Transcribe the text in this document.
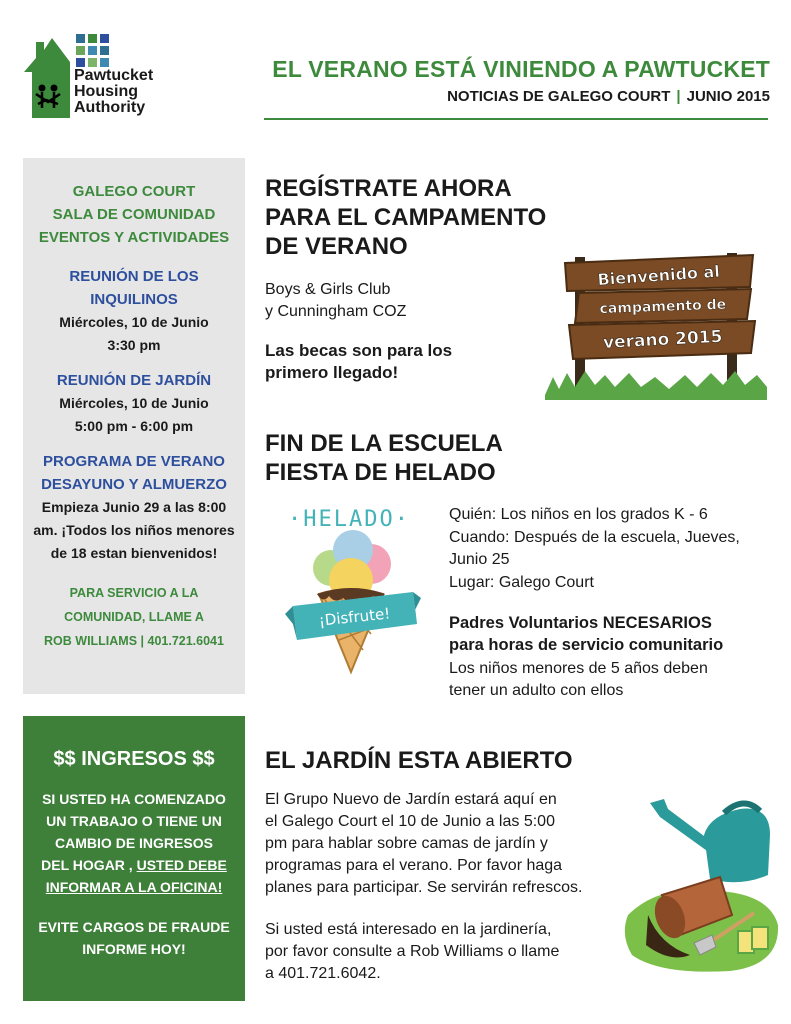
Pawtucket
Housing
Authority
EL VERANO ESTÁ VINIENDO A PAWTUCKET
NOTICIAS DE GALEGO COURT | JUNIO 2015
GALEGO COURT
SALA DE COMUNIDAD
EVENTOS Y ACTIVIDADES
REUNIÓN DE LOS
INQUILINOS
Miércoles, 10 de Junio
3:30 pm
REUNIÓN DE JARDÍN
Miércoles, 10 de Junio
5:00 pm - 6:00 pm
PROGRAMA DE VERANO
DESAYUNO Y ALMUERZO
Empieza Junio 29 a las 8:00
am. ¡Todos los niños menores
de 18 estan bienvenidos!
PARA SERVICIO A LA
COMUNIDAD, LLAME A
ROB WILLIAMS | 401.721.6041
$$ INGRESOS $$
SI USTED HA COMENZADO
UN TRABAJO O TIENE UN
CAMBIO DE INGRESOS
DEL HOGAR , USTED DEBE
INFORMAR A LA OFICINA!
EVITE CARGOS DE FRAUDE
INFORME HOY!
REGÍSTRATE AHORA
PARA EL CAMPAMENTO
DE VERANO
Boys & Girls Club
y Cunningham COZ
Las becas son para los
primero llegado!
Bienvenido al
campamento de
verano 2015
FIN DE LA ESCUELA
FIESTA DE HELADO
¡Disfrute!
·HELADO· Quién: Los niños en los grados K - 6
Cuando: Después de la escuela, Jueves,
Junio 25
Lugar: Galego Court
Padres Voluntarios NECESARIOS
para horas de servicio comunitario
Los niños menores de 5 años deben
tener un adulto con ellos
EL JARDÍN ESTA ABIERTO
El Grupo Nuevo de Jardín estará aquí en
el Galego Court el 10 de Junio a las 5:00
pm para hablar sobre camas de jardín y
programas para el verano. Por favor haga
planes para participar. Se servirán refrescos.
Si usted está interesado en la jardinería,
por favor consulte a Rob Williams o llame
a 401.721.6042.
